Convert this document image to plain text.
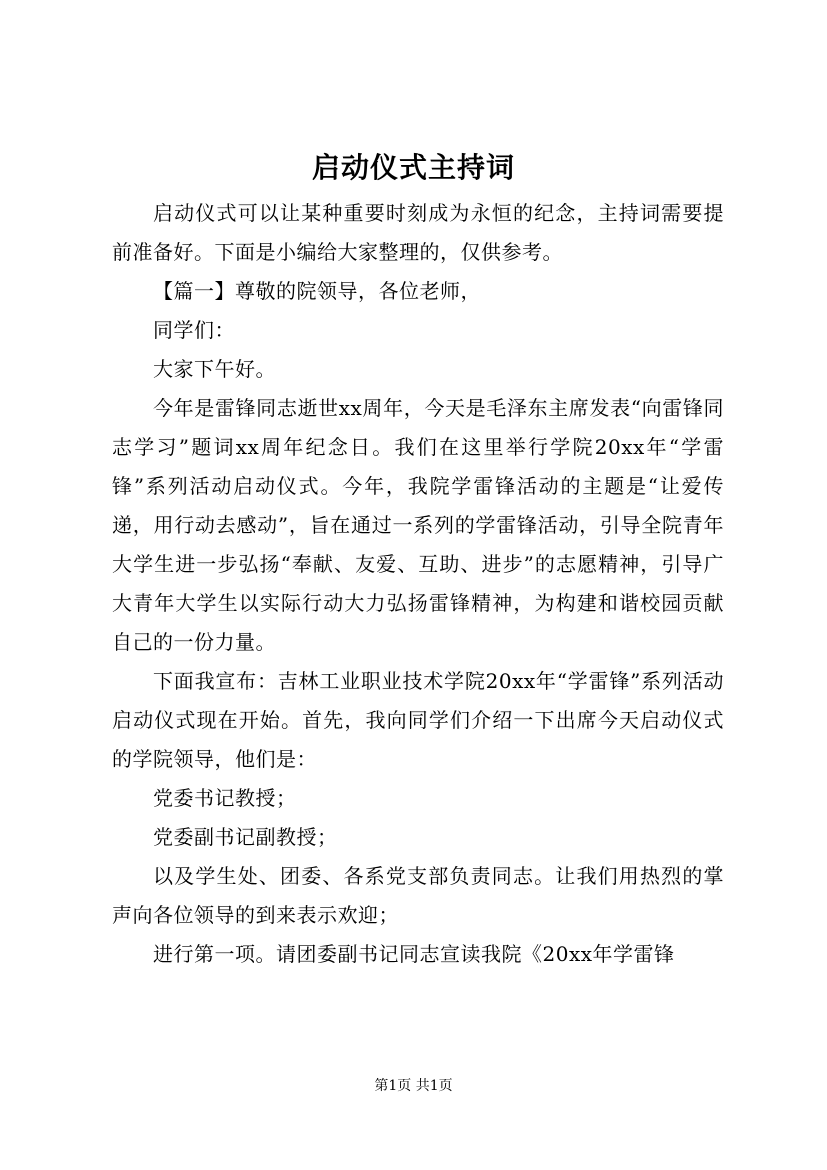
启动仪式主持词

启动仪式可以让某种重要时刻成为永恒的纪念，主持词需要提前准备好。下面是小编给大家整理的，仅供参考。

【篇一】尊敬的院领导，各位老师，

同学们：

大家下午好。

今年是雷锋同志逝世xx周年，今天是毛泽东主席发表“向雷锋同志学习”题词xx周年纪念日。我们在这里举行学院20xx年“学雷锋”系列活动启动仪式。今年，我院学雷锋活动的主题是“让爱传递，用行动去感动”，旨在通过一系列的学雷锋活动，引导全院青年大学生进一步弘扬“奉献、友爱、互助、进步”的志愿精神，引导广大青年大学生以实际行动大力弘扬雷锋精神，为构建和谐校园贡献自己的一份力量。

下面我宣布：吉林工业职业技术学院20xx年“学雷锋”系列活动启动仪式现在开始。首先，我向同学们介绍一下出席今天启动仪式的学院领导，他们是：

党委书记教授；

党委副书记副教授；

以及学生处、团委、各系党支部负责同志。让我们用热烈的掌声向各位领导的到来表示欢迎；

进行第一项。请团委副书记同志宣读我院《20xx年学雷锋

第1页 共1页
